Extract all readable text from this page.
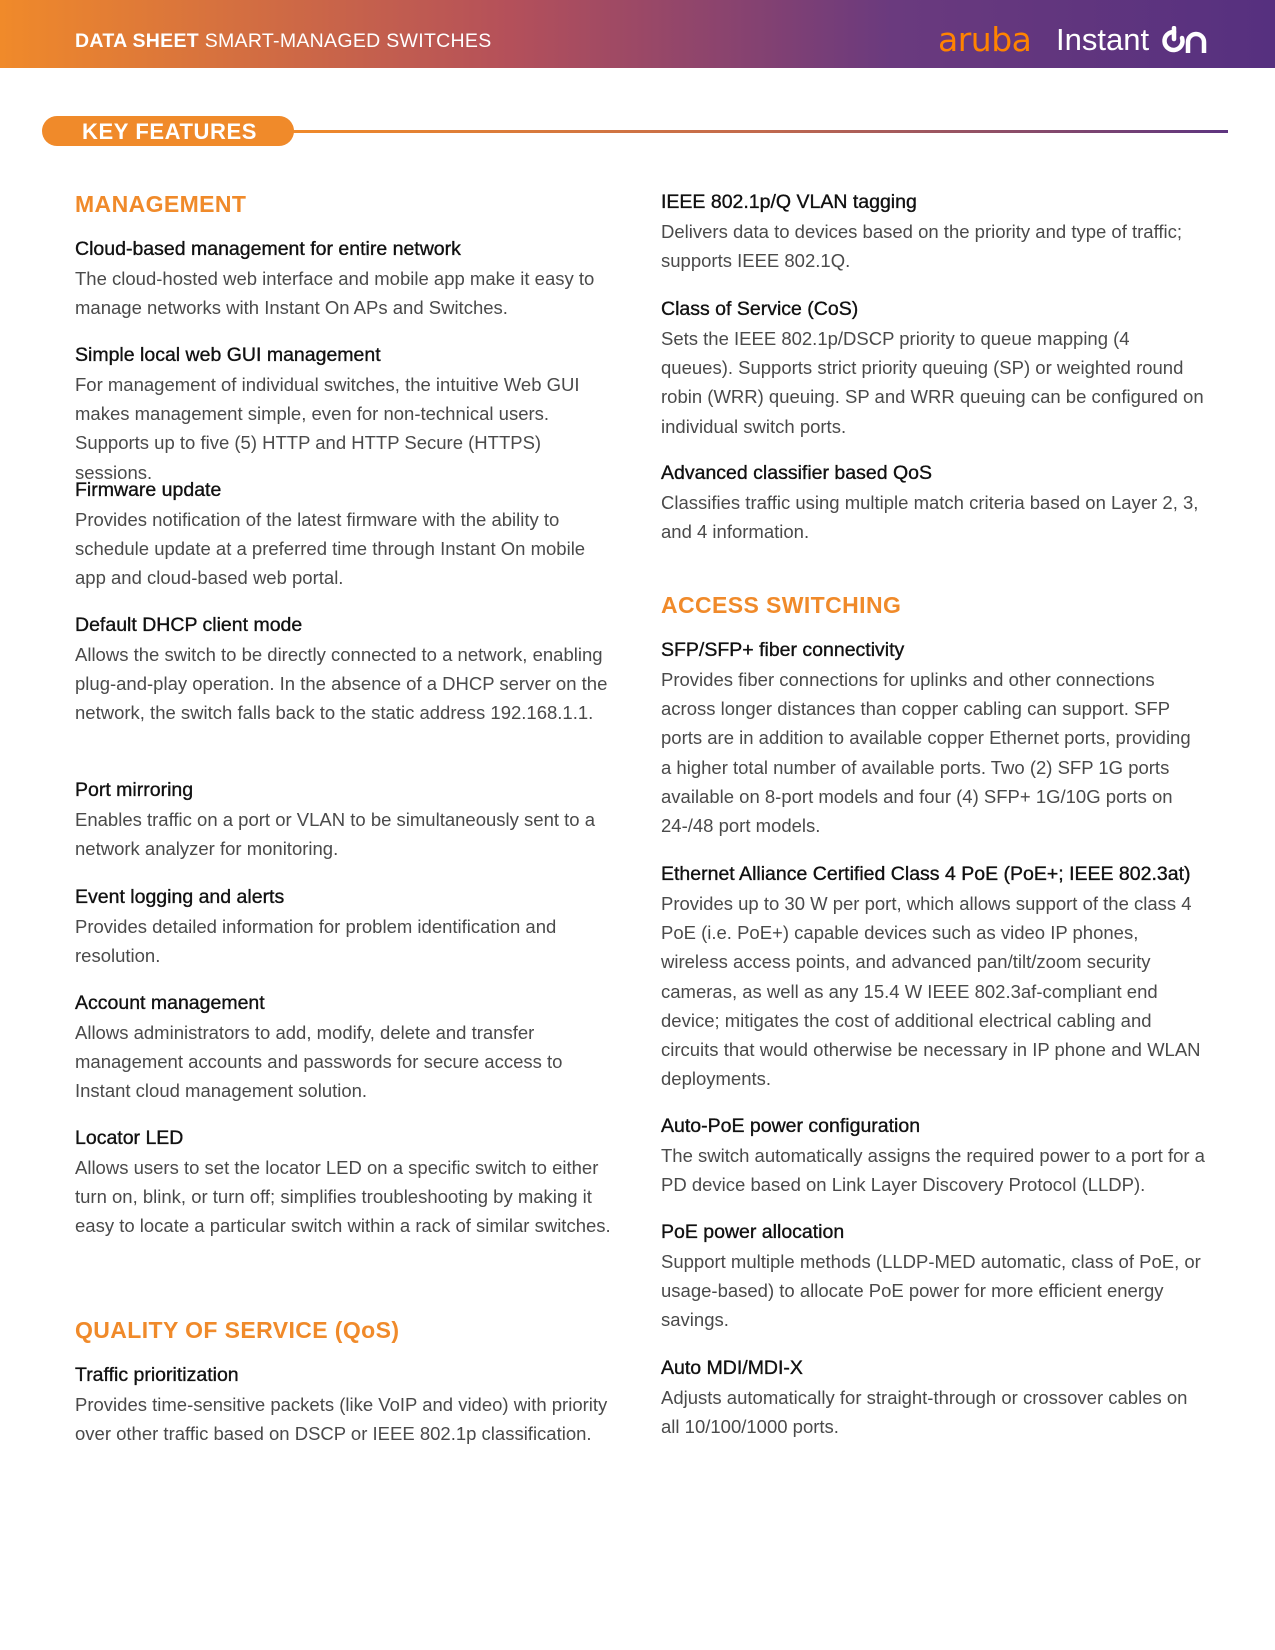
DATA SHEET SMART-MANAGED SWITCHES	aruba Instant
KEY FEATURES
MANAGEMENT
Cloud-based management for entire network
The cloud-hosted web interface and mobile app make it easy to manage networks with Instant On APs and Switches.
Simple local web GUI management
For management of individual switches, the intuitive Web GUI makes management simple, even for non-technical users. Supports up to five (5) HTTP and HTTP Secure (HTTPS) sessions.
Firmware update
Provides notification of the latest firmware with the ability to schedule update at a preferred time through Instant On mobile app and cloud-based web portal.
Default DHCP client mode
Allows the switch to be directly connected to a network, enabling plug-and-play operation. In the absence of a DHCP server on the network, the switch falls back to the static address 192.168.1.1.
Port mirroring
Enables traffic on a port or VLAN to be simultaneously sent to a network analyzer for monitoring.
Event logging and alerts
Provides detailed information for problem identification and resolution.
Account management
Allows administrators to add, modify, delete and transfer management accounts and passwords for secure access to Instant cloud management solution.
Locator LED
Allows users to set the locator LED on a specific switch to either turn on, blink, or turn off; simplifies troubleshooting by making it easy to locate a particular switch within a rack of similar switches.
QUALITY OF SERVICE (QoS)
Traffic prioritization
Provides time-sensitive packets (like VoIP and video) with priority over other traffic based on DSCP or IEEE 802.1p classification.
IEEE 802.1p/Q VLAN tagging
Delivers data to devices based on the priority and type of traffic; supports IEEE 802.1Q.
Class of Service (CoS)
Sets the IEEE 802.1p/DSCP priority to queue mapping (4 queues). Supports strict priority queuing (SP) or weighted round robin (WRR) queuing. SP and WRR queuing can be configured on individual switch ports.
Advanced classifier based QoS
Classifies traffic using multiple match criteria based on Layer 2, 3, and 4 information.
ACCESS SWITCHING
SFP/SFP+ fiber connectivity
Provides fiber connections for uplinks and other connections across longer distances than copper cabling can support. SFP ports are in addition to available copper Ethernet ports, providing a higher total number of available ports. Two (2) SFP 1G ports available on 8-port models and four (4) SFP+ 1G/10G ports on 24-/48 port models.
Ethernet Alliance Certified Class 4 PoE (PoE+; IEEE 802.3at)
Provides up to 30 W per port, which allows support of the class 4 PoE (i.e. PoE+) capable devices such as video IP phones, wireless access points, and advanced pan/tilt/zoom security cameras, as well as any 15.4 W IEEE 802.3af-compliant end device; mitigates the cost of additional electrical cabling and circuits that would otherwise be necessary in IP phone and WLAN deployments.
Auto-PoE power configuration
The switch automatically assigns the required power to a port for a PD device based on Link Layer Discovery Protocol (LLDP).
PoE power allocation
Support multiple methods (LLDP-MED automatic, class of PoE, or usage-based) to allocate PoE power for more efficient energy savings.
Auto MDI/MDI-X
Adjusts automatically for straight-through or crossover cables on all 10/100/1000 ports.
